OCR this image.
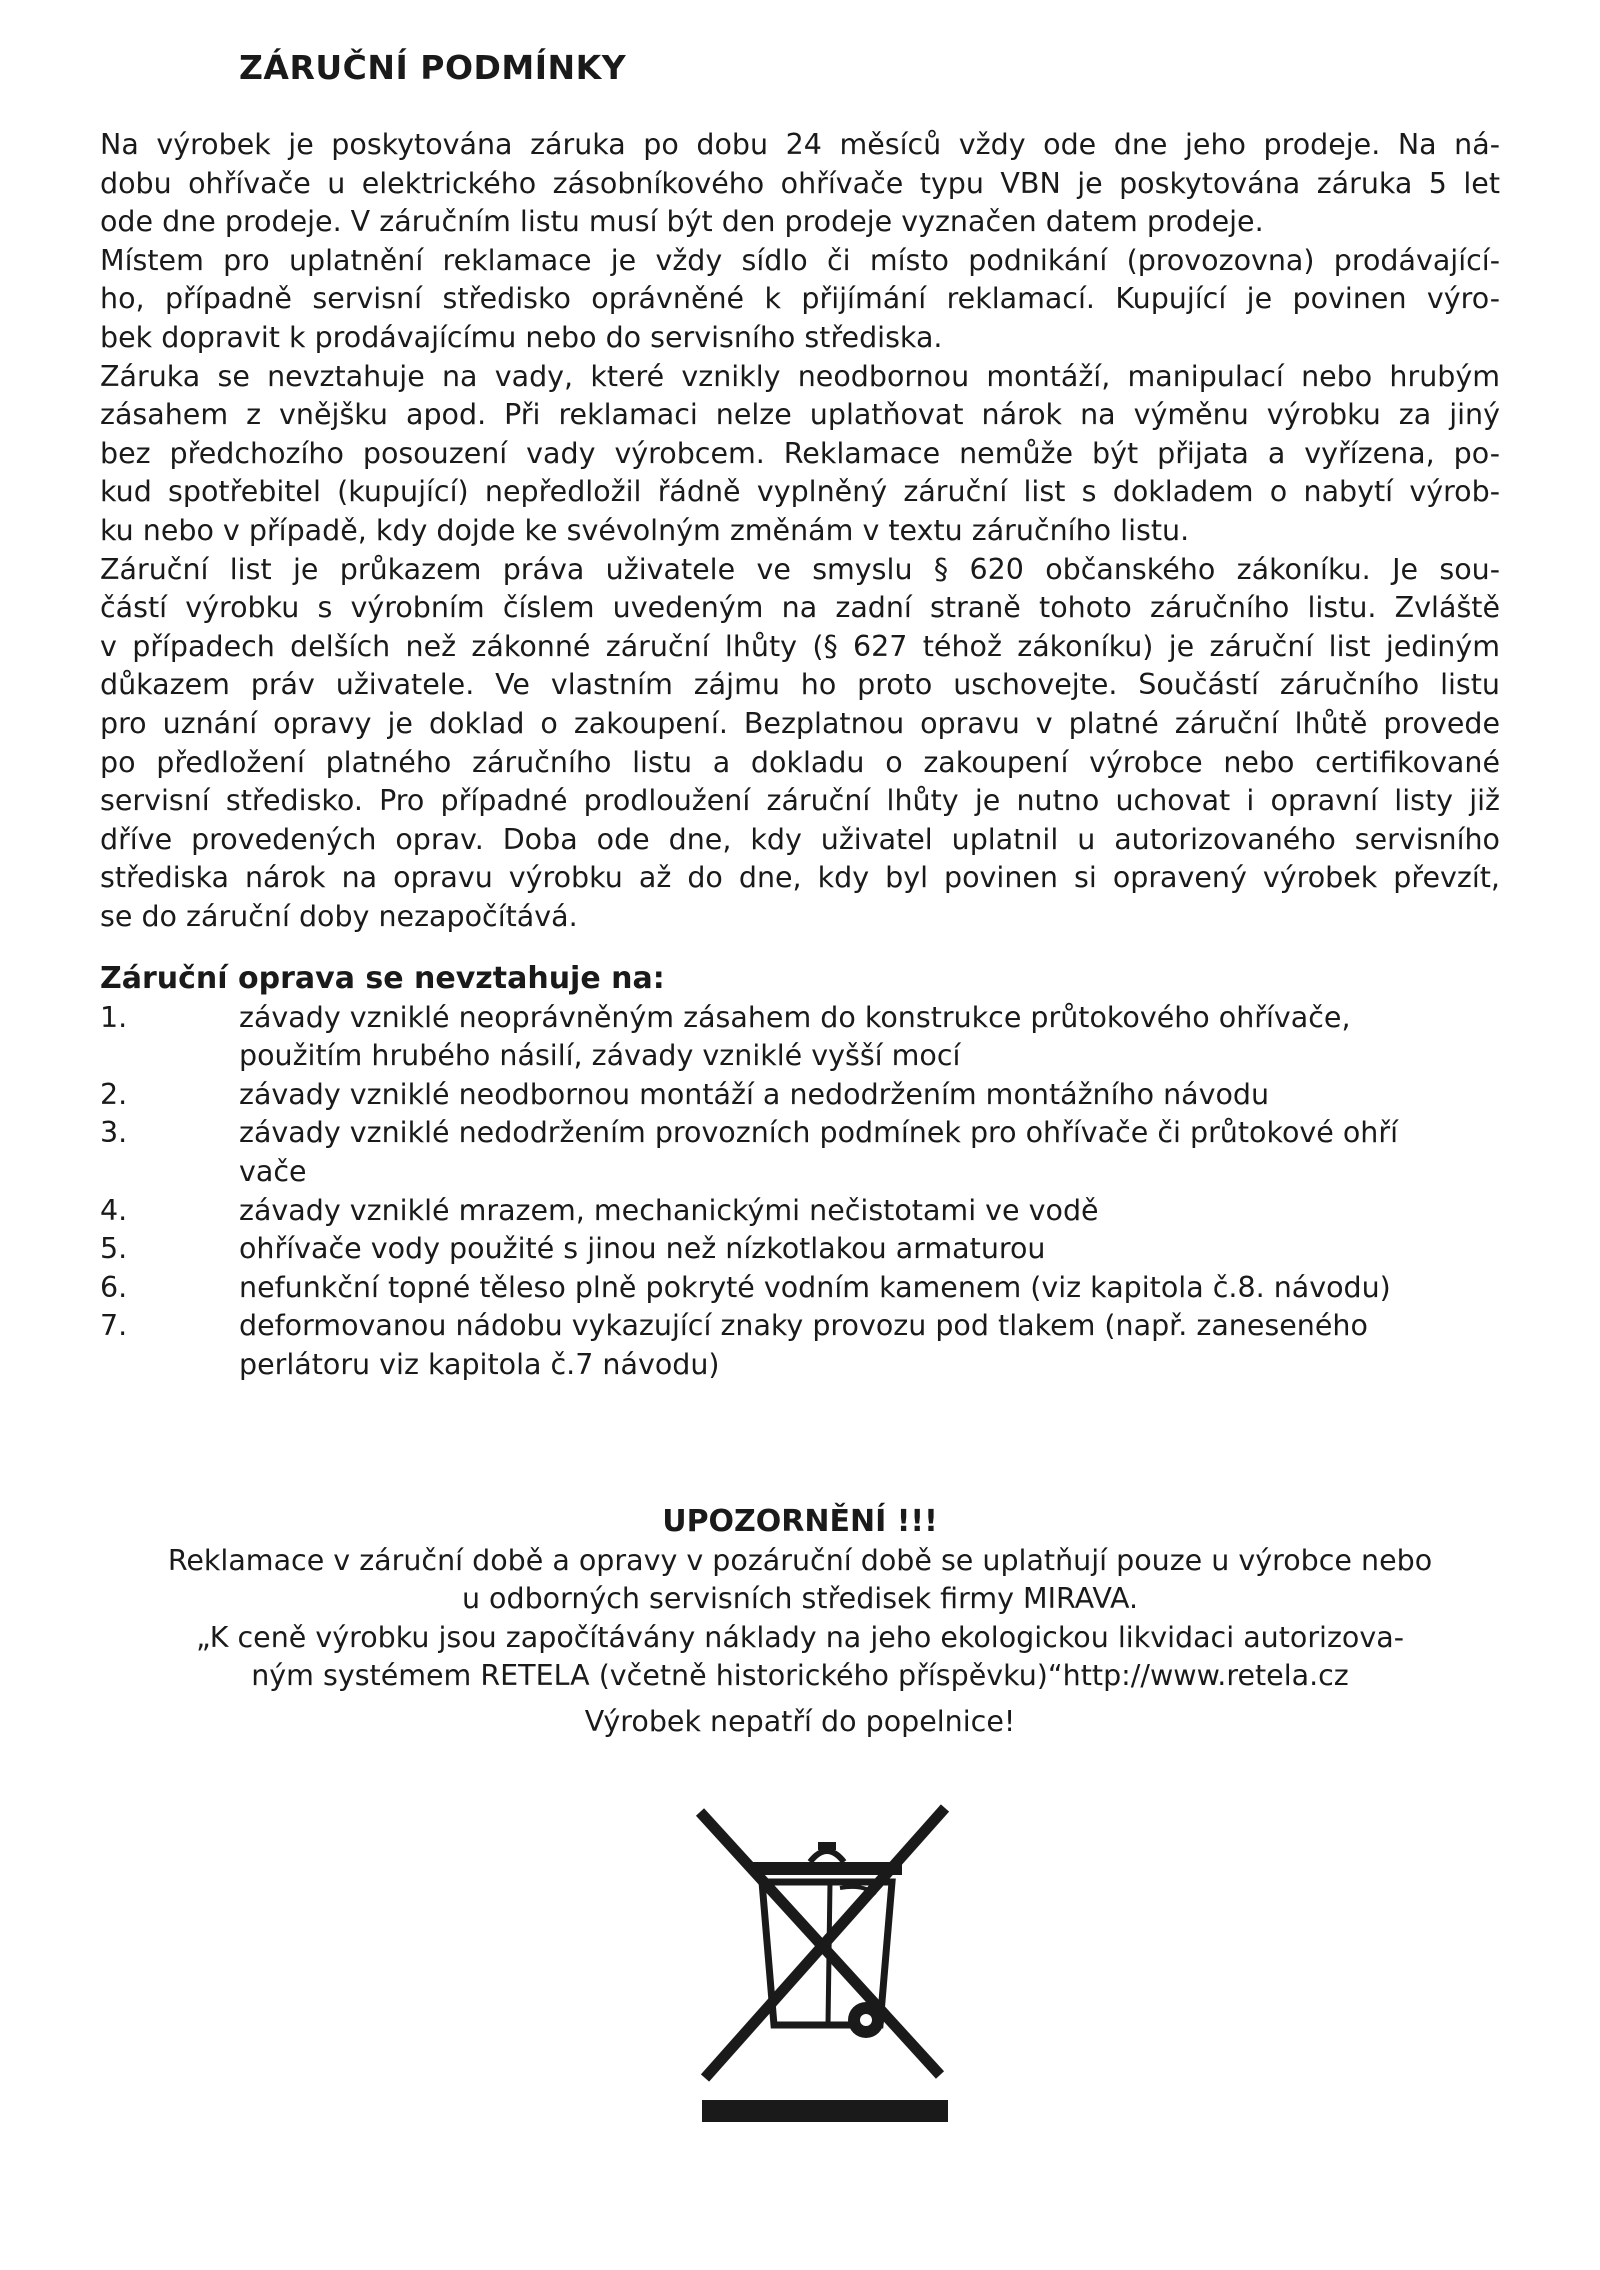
ZÁRUČNÍ PODMÍNKY
Na výrobek je poskytována záruka po dobu 24 měsíců vždy ode dne jeho prodeje. Na ná-
dobu ohřívače u elektrického zásobníkového ohřívače typu VBN je poskytována záruka 5 let
ode dne prodeje. V záručním listu musí být den prodeje vyznačen datem prodeje.
Místem pro uplatnění reklamace je vždy sídlo či místo podnikání (provozovna) prodávající-
ho, případně servisní středisko oprávněné k přijímání reklamací. Kupující je povinen výro-
bek dopravit k prodávajícímu nebo do servisního střediska.
Záruka se nevztahuje na vady, které vznikly neodbornou montáží, manipulací nebo hrubým
zásahem z vnějšku apod. Při reklamaci nelze uplatňovat nárok na výměnu výrobku za jiný
bez předchozího posouzení vady výrobcem. Reklamace nemůže být přijata a vyřízena, po-
kud spotřebitel (kupující) nepředložil řádně vyplněný záruční list s dokladem o nabytí výrob-
ku nebo v případě, kdy dojde ke svévolným změnám v textu záručního listu.
Záruční list je průkazem práva uživatele ve smyslu § 620 občanského zákoníku. Je sou-
částí výrobku s výrobním číslem uvedeným na zadní straně tohoto záručního listu. Zvláště
v případech delších než zákonné záruční lhůty (§ 627 téhož zákoníku) je záruční list jediným
důkazem práv uživatele. Ve vlastním zájmu ho proto uschovejte. Součástí záručního listu
pro uznání opravy je doklad o zakoupení. Bezplatnou opravu v platné záruční lhůtě provede
po předložení platného záručního listu a dokladu o zakoupení výrobce nebo certifikované
servisní středisko. Pro případné prodloužení záruční lhůty je nutno uchovat i opravní listy již
dříve provedených oprav. Doba ode dne, kdy uživatel uplatnil u autorizovaného servisního
střediska nárok na opravu výrobku až do dne, kdy byl povinen si opravený výrobek převzít,
se do záruční doby nezapočítává.
Záruční oprava se nevztahuje na:
1.	závady vzniklé neoprávněným zásahem do konstrukce průtokového ohřívače,
použitím hrubého násilí, závady vzniklé vyšší mocí
2.	závady vzniklé neodbornou montáží a nedodržením montážního návodu
3.	závady vzniklé nedodržením provozních podmínek pro ohřívače či průtokové ohří
vače
4.	závady vzniklé mrazem, mechanickými nečistotami ve vodě
5.	ohřívače vody použité s jinou než nízkotlakou armaturou
6.	nefunkční topné těleso plně pokryté vodním kamenem (viz kapitola č.8. návodu)
7.	deformovanou nádobu vykazující znaky provozu pod tlakem (např. zaneseného
perlátoru viz kapitola č.7 návodu)
UPOZORNĚNÍ !!!
Reklamace v záruční době a opravy v pozáruční době se uplatňují pouze u výrobce nebo
u odborných servisních středisek firmy MIRAVA.
„K ceně výrobku jsou započítávány náklady na jeho ekologickou likvidaci autorizova-
ným systémem RETELA (včetně historického příspěvku)“http://www.retela.cz
Výrobek nepatří do popelnice!
